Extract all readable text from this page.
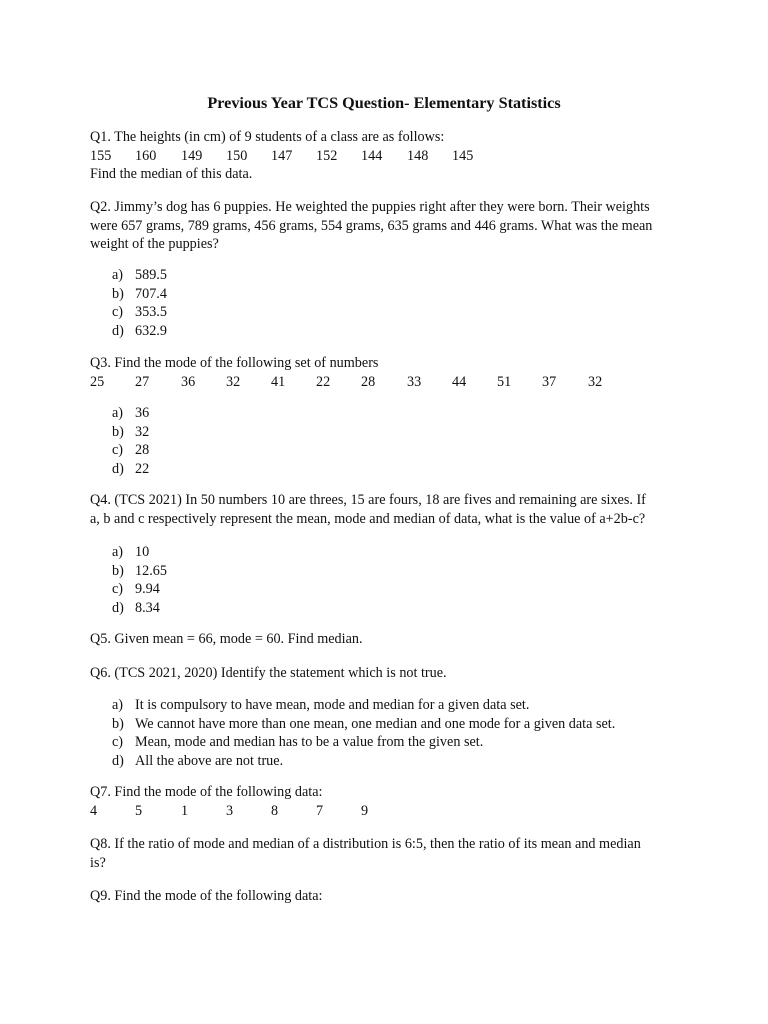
Previous Year TCS Question- Elementary Statistics
Q1. The heights (in cm) of 9 students of a class are as follows:
155 160 149 150 147 152 144 148 145
Find the median of this data.
Q2. Jimmy’s dog has 6 puppies. He weighted the puppies right after they were born. Their weights
were 657 grams, 789 grams, 456 grams, 554 grams, 635 grams and 446 grams. What was the mean
weight of the puppies?
a) 589.5
b) 707.4
c) 353.5
d) 632.9
Q3. Find the mode of the following set of numbers
25 27 36 32 41 22 28 33 44 51 37 32
a) 36
b) 32
c) 28
d) 22
Q4. (TCS 2021) In 50 numbers 10 are threes, 15 are fours, 18 are fives and remaining are sixes. If
a, b and c respectively represent the mean, mode and median of data, what is the value of a+2b-c?
a) 10
b) 12.65
c) 9.94
d) 8.34
Q5. Given mean = 66, mode = 60. Find median.
Q6. (TCS 2021, 2020) Identify the statement which is not true.
a) It is compulsory to have mean, mode and median for a given data set.
b) We cannot have more than one mean, one median and one mode for a given data set.
c) Mean, mode and median has to be a value from the given set.
d) All the above are not true.
Q7. Find the mode of the following data:
4	5	1	3	8	7	9
Q8. If the ratio of mode and median of a distribution is 6:5, then the ratio of its mean and median
is?
Q9. Find the mode of the following data:
